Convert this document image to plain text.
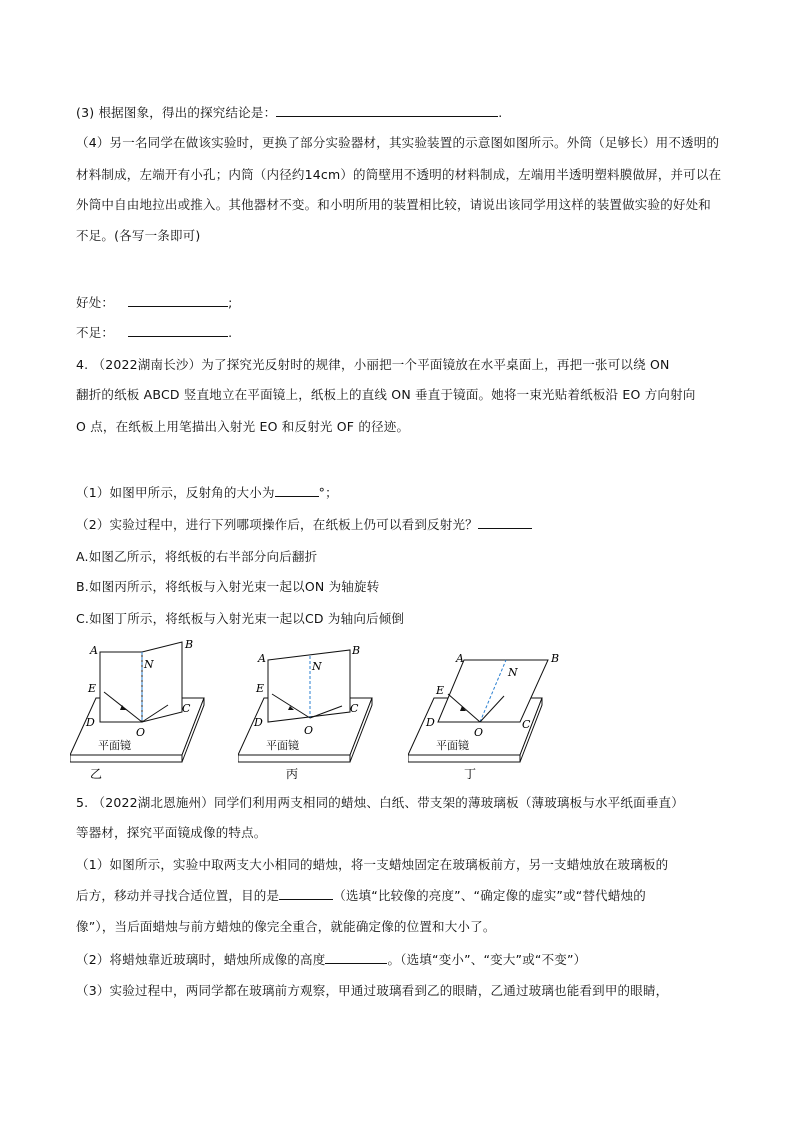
(3) 根据图象，得出的探究结论是：	.
（4）另一名同学在做该实验时，更换了部分实验器材，其实验装置的示意图如图所示。外筒（足够长）用不透明的
材料制成，左端开有小孔；内筒（内径约14cm）的筒壁用不透明的材料制成，左端用半透明塑料膜做屏，并可以在
外筒中自由地拉出或推入。其他器材不变。和小明所用的装置相比较，请说出该同学用这样的装置做实验的好处和
不足。(各写一条即可)
好处：	;
不足：	.
4. （2022湖南长沙）为了探究光反射时的规律，小丽把一个平面镜放在水平桌面上，再把一张可以绕 ON
翻折的纸板 ABCD 竖直地立在平面镜上，纸板上的直线 ON 垂直于镜面。她将一束光贴着纸板沿 EO 方向射向
O 点，在纸板上用笔描出入射光 EO 和反射光 OF 的径迹。
（1）如图甲所示，反射角的大小为	°；
（2）实验过程中，进行下列哪项操作后，在纸板上仍可以看到反射光？
A.如图乙所示，将纸板的右半部分向后翻折
B.如图丙所示，将纸板与入射光束一起以ON 为轴旋转
C.如图丁所示，将纸板与入射光束一起以CD 为轴向后倾倒
A	B
N
E
D
O
C
平面镜
乙
A
B
N
E
D
O
C
平面镜
丙
A	B
N
E
D
O
C
平面镜
丁
5. （2022湖北恩施州）同学们利用两支相同的蜡烛、白纸、带支架的薄玻璃板（薄玻璃板与水平纸面垂直）
等器材，探究平面镜成像的特点。
（1）如图所示，实验中取两支大小相同的蜡烛，将一支蜡烛固定在玻璃板前方，另一支蜡烛放在玻璃板的
后方，移动并寻找合适位置，目的是	（选填“比较像的亮度”、“确定像的虚实”或“替代蜡烛的
像”），当后面蜡烛与前方蜡烛的像完全重合，就能确定像的位置和大小了。
（2）将蜡烛靠近玻璃时，蜡烛所成像的高度	。（选填“变小”、“变大”或“不变”）
（3）实验过程中，两同学都在玻璃前方观察，甲通过玻璃看到乙的眼睛，乙通过玻璃也能看到甲的眼睛，
